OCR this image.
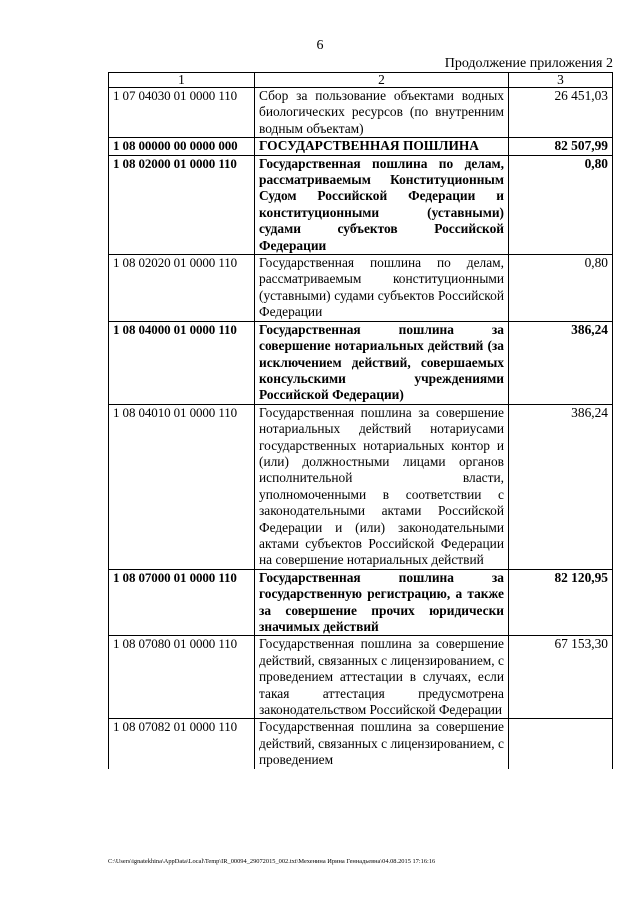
6
Продолжение приложения 2
1	2	3
1 07 04030 01 0000 110	Сбор за пользование объектами водных биологических ресурсов (по внутренним водным объектам)	26 451,03
1 08 00000 00 0000 000	ГОСУДАРСТВЕННАЯ ПОШЛИНА	82 507,99
1 08 02000 01 0000 110	Государственная пошлина по делам, рассматриваемым Конституционным Судом Российской Федерации и конституционными (уставными) судами субъектов Российской Федерации	0,80
1 08 02020 01 0000 110	Государственная пошлина по делам, рассматриваемым конституционными (уставными) судами субъектов Российской Федерации	0,80
1 08 04000 01 0000 110	Государственная пошлина за совершение нотариальных действий (за исключением действий, совершаемых консульскими учреждениями Российской Федерации)	386,24
1 08 04010 01 0000 110	Государственная пошлина за совершение нотариальных действий нотариусами государственных нотариальных контор и (или) должностными лицами органов исполнительной власти, уполномоченными в соответствии с законодательными актами Российской Федерации и (или) законодательными актами субъектов Российской Федерации на совершение нотариальных действий	386,24
1 08 07000 01 0000 110	Государственная пошлина за государственную регистрацию, а также за совершение прочих юридически значимых действий	82 120,95
1 08 07080 01 0000 110	Государственная пошлина за совершение действий, связанных с лицензированием, с проведением аттестации в случаях, если такая аттестация предусмотрена законодательством Российской Федерации	67 153,30
1 08 07082 01 0000 110	Государственная пошлина за совершение действий, связанных с лицензированием, с проведением	
C:\Users\ignatekhina\AppData\Local\Temp\IR_00094_29072015_002.txt\Мехенина Ирина Геннадьевна\04.08.2015 17:16:16
